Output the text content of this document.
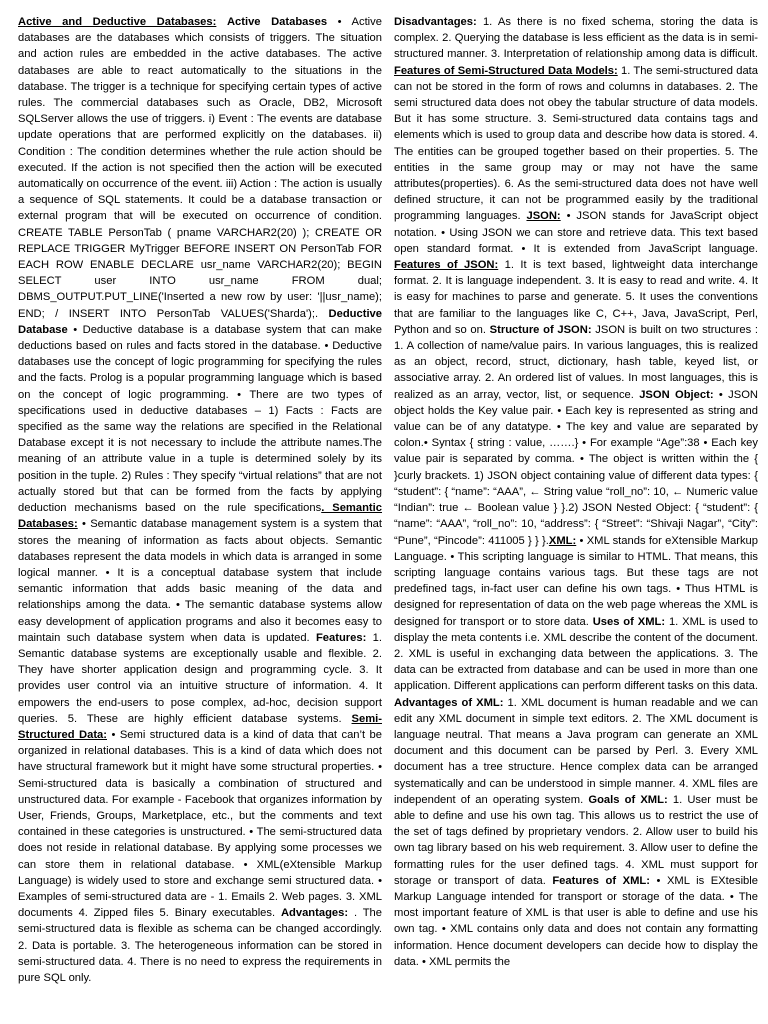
Active and Deductive Databases: Active Databases • Active databases are the databases which consists of triggers. The situation and action rules are embedded in the active databases. The active databases are able to react automatically to the situations in the database. The trigger is a technique for specifying certain types of active rules. The commercial databases such as Oracle, DB2, Microsoft SQLServer allows the use of triggers. i) Event : The events are database update operations that are performed explicitly on the databases. ii) Condition : The condition determines whether the rule action should be executed. If the action is not specified then the action will be executed automatically on occurrence of the event. iii) Action : The action is usually a sequence of SQL statements. It could be a database transaction or external program that will be executed on occurrence of condition. CREATE TABLE PersonTab ( pname VARCHAR2(20) ); CREATE OR REPLACE TRIGGER MyTrigger BEFORE INSERT ON PersonTab FOR EACH ROW ENABLE DECLARE usr_name VARCHAR2(20); BEGIN SELECT user INTO usr_name FROM dual; DBMS_OUTPUT.PUT_LINE('Inserted a new row by user: '||usr_name); END; / INSERT INTO PersonTab VALUES('Sharda');. Deductive Database • Deductive database is a database system that can make deductions based on rules and facts stored in the database. • Deductive databases use the concept of logic programming for specifying the rules and the facts. Prolog is a popular programming language which is based on the concept of logic programming. • There are two types of specifications used in deductive databases – 1) Facts : Facts are specified as the same way the relations are specified in the Relational Database except it is not necessary to include the attribute names.The meaning of an attribute value in a tuple is determined solely by its position in the tuple. 2) Rules : They specify “virtual relations” that are not actually stored but that can be formed from the facts by applying deduction mechanisms based on the rule specifications. Semantic Databases: • Semantic database management system is a system that stores the meaning of information as facts about objects. Semantic databases represent the data models in which data is arranged in some logical manner. • It is a conceptual database system that include semantic information that adds basic meaning of the data and relationships among the data. • The semantic database systems allow easy development of application programs and also it becomes easy to maintain such database system when data is updated. Features: 1. Semantic database systems are exceptionally usable and flexible. 2. They have shorter application design and programming cycle. 3. It provides user control via an intuitive structure of information. 4. It empowers the end-users to pose complex, ad-hoc, decision support queries. 5. These are highly efficient database systems. Semi-Structured Data: • Semi structured data is a kind of data that can’t be organized in relational databases. This is a kind of data which does not have structural framework but it might have some structural properties. • Semi-structured data is basically a combination of structured and unstructured data. For example - Facebook that organizes information by User, Friends, Groups, Marketplace, etc., but the comments and text contained in these categories is unstructured. • The semi-structured data does not reside in relational database. By applying some processes we can store them in relational database. • XML(eXtensible Markup Language) is widely used to store and exchange semi structured data. • Examples of semi-structured data are - 1. Emails 2. Web pages. 3. XML documents 4. Zipped files 5. Binary executables. Advantages: . The semi-structured data is flexible as schema can be changed accordingly. 2. Data is portable. 3. The heterogeneous information can be stored in semi-structured data. 4. There is no need to express the requirements in pure SQL only.

Disadvantages: 1. As there is no fixed schema, storing the data is complex. 2. Querying the database is less efficient as the data is in semi-structured manner. 3. Interpretation of relationship among data is difficult. Features of Semi-Structured Data Models: 1. The semi-structured data can not be stored in the form of rows and columns in databases. 2. The semi structured data does not obey the tabular structure of data models. But it has some structure. 3. Semi-structured data contains tags and elements which is used to group data and describe how data is stored. 4. The entities can be grouped together based on their properties. 5. The entities in the same group may or may not have the same attributes(properties). 6. As the semi-structured data does not have well defined structure, it can not be programmed easily by the traditional programming languages. JSON: • JSON stands for JavaScript object notation. • Using JSON we can store and retrieve data. This text based open standard format. • It is extended from JavaScript language. Features of JSON: 1. It is text based, lightweight data interchange format. 2. It is language independent. 3. It is easy to read and write. 4. It is easy for machines to parse and generate. 5. It uses the conventions that are familiar to the languages like C, C++, Java, JavaScript, Perl, Python and so on. Structure of JSON: JSON is built on two structures : 1. A collection of name/value pairs. In various languages, this is realized as an object, record, struct, dictionary, hash table, keyed list, or associative array. 2. An ordered list of values. In most languages, this is realized as an array, vector, list, or sequence. JSON Object: • JSON object holds the Key value pair. • Each key is represented as string and value can be of any datatype. • The key and value are separated by colon.• Syntax { string : value, …….} • For example “Age”:38 • Each key value pair is separated by comma. • The object is written within the { }curly brackets. 1) JSON object containing value of different data types: { “student”: { “name”: “AAA”, ← String value “roll_no”: 10, ← Numeric value “Indian”: true ← Boolean value } }.2) JSON Nested Object: { “student”: { “name”: “AAA”, “roll_no”: 10, “address”: { “Street”: “Shivaji Nagar”, “City”: “Pune”, “Pincode”: 411005 } } }.XML: • XML stands for eXtensible Markup Language. • This scripting language is similar to HTML. That means, this scripting language contains various tags. But these tags are not predefined tags, in-fact user can define his own tags. • Thus HTML is designed for representation of data on the web page whereas the XML is designed for transport or to store data. Uses of XML: 1. XML is used to display the meta contents i.e. XML describe the content of the document. 2. XML is useful in exchanging data between the applications. 3. The data can be extracted from database and can be used in more than one application. Different applications can perform different tasks on this data. Advantages of XML: 1. XML document is human readable and we can edit any XML document in simple text editors. 2. The XML document is language neutral. That means a Java program can generate an XML document and this document can be parsed by Perl. 3. Every XML document has a tree structure. Hence complex data can be arranged systematically and can be understood in simple manner. 4. XML files are independent of an operating system. Goals of XML: 1. User must be able to define and use his own tag. This allows us to restrict the use of the set of tags defined by proprietary vendors. 2. Allow user to build his own tag library based on his web requirement. 3. Allow user to define the formatting rules for the user defined tags. 4. XML must support for storage or transport of data. Features of XML: • XML is EXtesible Markup Language intended for transport or storage of the data. • The most important feature of XML is that user is able to define and use his own tag. • XML contains only data and does not contain any formatting information. Hence document developers can decide how to display the data. • XML permits the
